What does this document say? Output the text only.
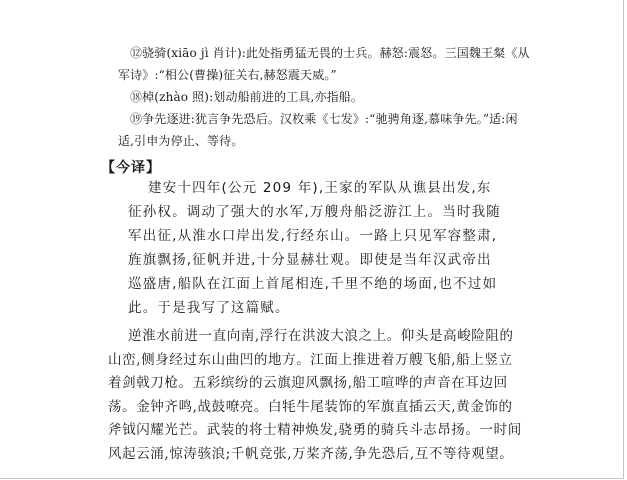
⑫骁骑(xiāo jì 肖计):此处指勇猛无畏的士兵。赫怒:震怒。三国魏王粲《从
军诗》:“相公(曹操)征关右,赫怒震天威。”

⑱棹(zhào 照):划动船前进的工具,亦指船。

⑲争先逐进:犹言争先恐后。汉枚乘《七发》:“驰骋角逐,慕味争先。”适:闲
适,引申为停止、等待。

【今译】
建安十四年(公元 209 年),王家的军队从谯县出发,东
征孙权。调动了强大的水军,万艘舟船泛游江上。当时我随
军出征,从淮水口岸出发,行经东山。一路上只见军容整肃,
旌旗飘扬,征帆并进,十分显赫壮观。即使是当年汉武帝出
巡盛唐,船队在江面上首尾相连,千里不绝的场面,也不过如
此。于是我写了这篇赋。
逆淮水前进一直向南,浮行在洪波大浪之上。仰头是高峻险阻的
山峦,侧身经过东山曲凹的地方。江面上推进着万艘飞船,船上竖立
着剑戟刀枪。五彩缤纷的云旗迎风飘扬,船工喧哗的声音在耳边回
荡。金钟齐鸣,战鼓嘹亮。白牦牛尾装饰的军旗直插云天,黄金饰的
斧钺闪耀光芒。武装的将士精神焕发,骁勇的骑兵斗志昂扬。一时间
风起云涌,惊涛骇浪;千帆竞张,万桨齐荡,争先恐后,互不等待观望。
